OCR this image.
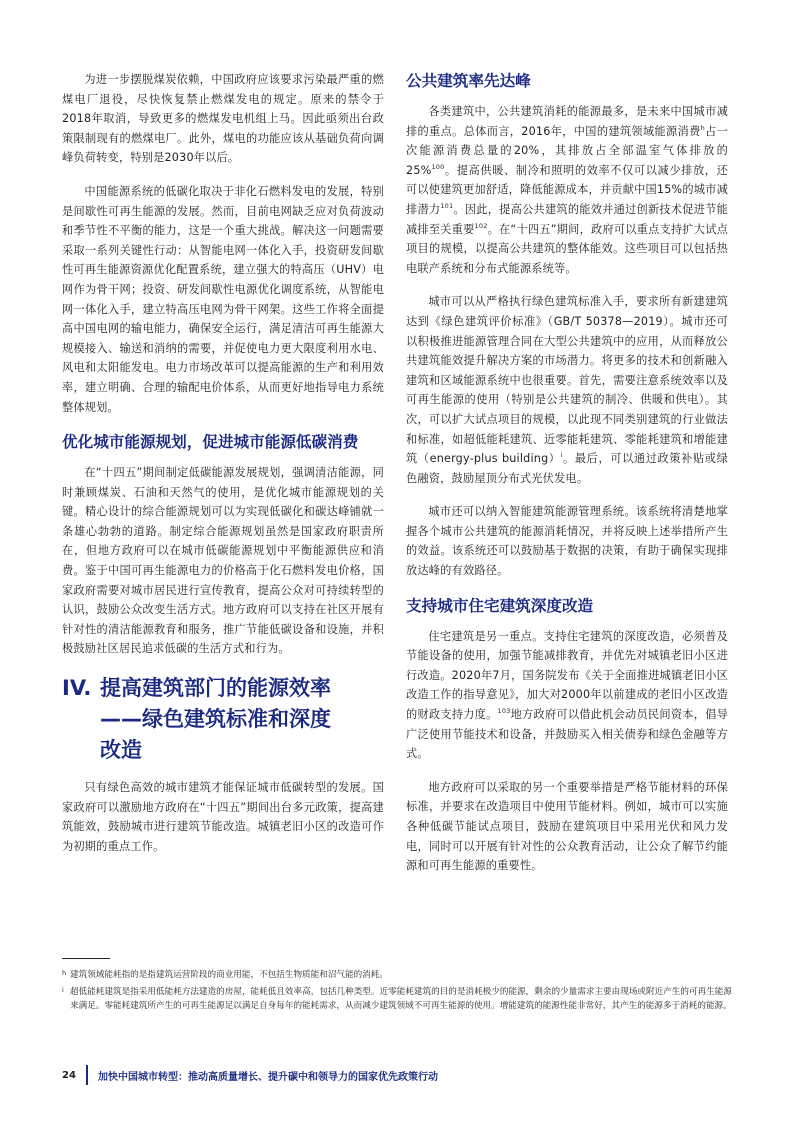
为进一步摆脱煤炭依赖，中国政府应该要求污染最严重的燃煤电厂退役，尽快恢复禁止燃煤发电的规定。原来的禁令于2018年取消，导致更多的燃煤发电机组上马。因此亟须出台政策限制现有的燃煤电厂。此外，煤电的功能应该从基础负荷向调峰负荷转变，特别是2030年以后。

中国能源系统的低碳化取决于非化石燃料发电的发展，特别是间歇性可再生能源的发展。然而，目前电网缺乏应对负荷波动和季节性不平衡的能力，这是一个重大挑战。解决这一问题需要采取一系列关键性行动：从智能电网一体化入手，投资研发间歇性可再生能源资源优化配置系统，建立强大的特高压（UHV）电网作为骨干网；投资、研发间歇性电源优化调度系统，从智能电网一体化入手，建立特高压电网为骨干网架。这些工作将全面提高中国电网的输电能力，确保安全运行，满足清洁可再生能源大规模接入、输送和消纳的需要，并促使电力更大限度利用水电、风电和太阳能发电。电力市场改革可以提高能源的生产和利用效率，建立明确、合理的输配电价体系，从而更好地指导电力系统整体规划。

优化城市能源规划，促进城市能源低碳消费

在“十四五”期间制定低碳能源发展规划，强调清洁能源，同时兼顾煤炭、石油和天然气的使用，是优化城市能源规划的关键。精心设计的综合能源规划可以为实现低碳化和碳达峰铺就一条雄心勃勃的道路。制定综合能源规划虽然是国家政府职责所在，但地方政府可以在城市低碳能源规划中平衡能源供应和消费。鉴于中国可再生能源电力的价格高于化石燃料发电价格，国家政府需要对城市居民进行宣传教育，提高公众对可持续转型的认识，鼓励公众改变生活方式。地方政府可以支持在社区开展有针对性的清洁能源教育和服务，推广节能低碳设备和设施，并积极鼓励社区居民追求低碳的生活方式和行为。

IV. 提高建筑部门的能源效率
——绿色建筑标准和深度
改造

只有绿色高效的城市建筑才能保证城市低碳转型的发展。国家政府可以激励地方政府在“十四五”期间出台多元政策，提高建筑能效，鼓励城市进行建筑节能改造。城镇老旧小区的改造可作为初期的重点工作。

公共建筑率先达峰

各类建筑中，公共建筑消耗的能源最多，是未来中国城市减排的重点。总体而言，2016年，中国的建筑领域能源消费$^h$占一次能源消费总量的20%，其排放占全部温室气体排放的25%$^{100}$。提高供暖、制冷和照明的效率不仅可以减少排放，还可以使建筑更加舒适，降低能源成本，并贡献中国15%的城市减排潜力$^{101}$。因此，提高公共建筑的能效并通过创新技术促进节能减排至关重要$^{102}$。在“十四五”期间，政府可以重点支持扩大试点项目的规模，以提高公共建筑的整体能效。这些项目可以包括热电联产系统和分布式能源系统等。

城市可以从严格执行绿色建筑标准入手，要求所有新建建筑达到《绿色建筑评价标准》（GB/T 50378—2019）。城市还可以积极推进能源管理合同在大型公共建筑中的应用，从而释放公共建筑能效提升解决方案的市场潜力。将更多的技术和创新融入建筑和区域能源系统中也很重要。首先，需要注意系统效率以及可再生能源的使用（特别是公共建筑的制冷、供暖和供电）。其次，可以扩大试点项目的规模，以此现不同类别建筑的行业做法和标准，如超低能耗建筑、近零能耗建筑、零能耗建筑和增能建筑（energy-plus building）$^i$。最后，可以通过政策补贴或绿色融资，鼓励屋顶分布式光伏发电。

城市还可以纳入智能建筑能源管理系统。该系统将清楚地掌握各个城市公共建筑的能源消耗情况，并将反映上述举措所产生的效益。该系统还可以鼓励基于数据的决策，有助于确保实现排放达峰的有效路径。

支持城市住宅建筑深度改造

住宅建筑是另一重点。支持住宅建筑的深度改造，必须普及节能设备的使用，加强节能减排教育，并优先对城镇老旧小区进行改造。2020年7月，国务院发布《关于全面推进城镇老旧小区改造工作的指导意见》，加大对2000年以前建成的老旧小区改造的财政支持力度。$^{103}$地方政府可以借此机会动员民间资本，倡导广泛使用节能技术和设备，并鼓励买入相关债券和绿色金融等方式。

地方政府可以采取的另一个重要举措是严格节能材料的环保标准，并要求在改造项目中使用节能材料。例如，城市可以实施各种低碳节能试点项目，鼓励在建筑项目中采用光伏和风力发电，同时可以开展有针对性的公众教育活动，让公众了解节约能源和可再生能源的重要性。

h 建筑领域能耗指的是指建筑运营阶段的商业用能，不包括生物质能和沼气能的消耗。
i 超低能耗建筑是指采用低能耗方法建造的房屋，能耗低且效率高，包括几种类型。近零能耗建筑的目的是消耗极少的能源，剩余的少量需求主要由现场或附近产生的可再生能源来满足。零能耗建筑所产生的可再生能源足以满足自身每年的能耗需求，从而减少建筑领域不可再生能源的使用。增能建筑的能源性能非常好，其产生的能源多于消耗的能源。
24	加快中国城市转型：推动高质量增长、提升碳中和领导力的国家优先政策行动
